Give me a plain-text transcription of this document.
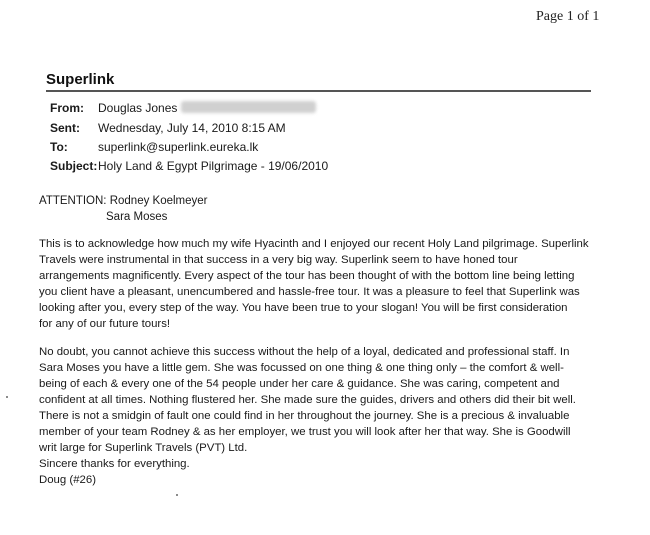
Page 1 of 1
Superlink
From: Douglas Jones
Sent: Wednesday, July 14, 2010 8:15 AM
To:	superlink@superlink.eureka.lk
Subject: Holy Land & Egypt Pilgrimage - 19/06/2010
ATTENTION: Rodney Koelmeyer
Sara Moses
This is to acknowledge how much my wife Hyacinth and I enjoyed our recent Holy Land pilgrimage. Superlink
Travels were instrumental in that success in a very big way. Superlink seem to have honed tour
arrangements magnificently. Every aspect of the tour has been thought of with the bottom line being letting
you client have a pleasant, unencumbered and hassle-free tour. It was a pleasure to feel that Superlink was
looking after you, every step of the way. You have been true to your slogan! You will be first consideration
for any of our future tours!
No doubt, you cannot achieve this success without the help of a loyal, dedicated and professional staff. In
Sara Moses you have a little gem. She was focussed on one thing & one thing only – the comfort & well-
being of each & every one of the 54 people under her care & guidance. She was caring, competent and
confident at all times. Nothing flustered her. She made sure the guides, drivers and others did their bit well.
There is not a smidgin of fault one could find in her throughout the journey. She is a precious & invaluable
member of your team Rodney & as her employer, we trust you will look after her that way. She is Goodwill
writ large for Superlink Travels (PVT) Ltd.
Sincere thanks for everything.
Doug (#26)
